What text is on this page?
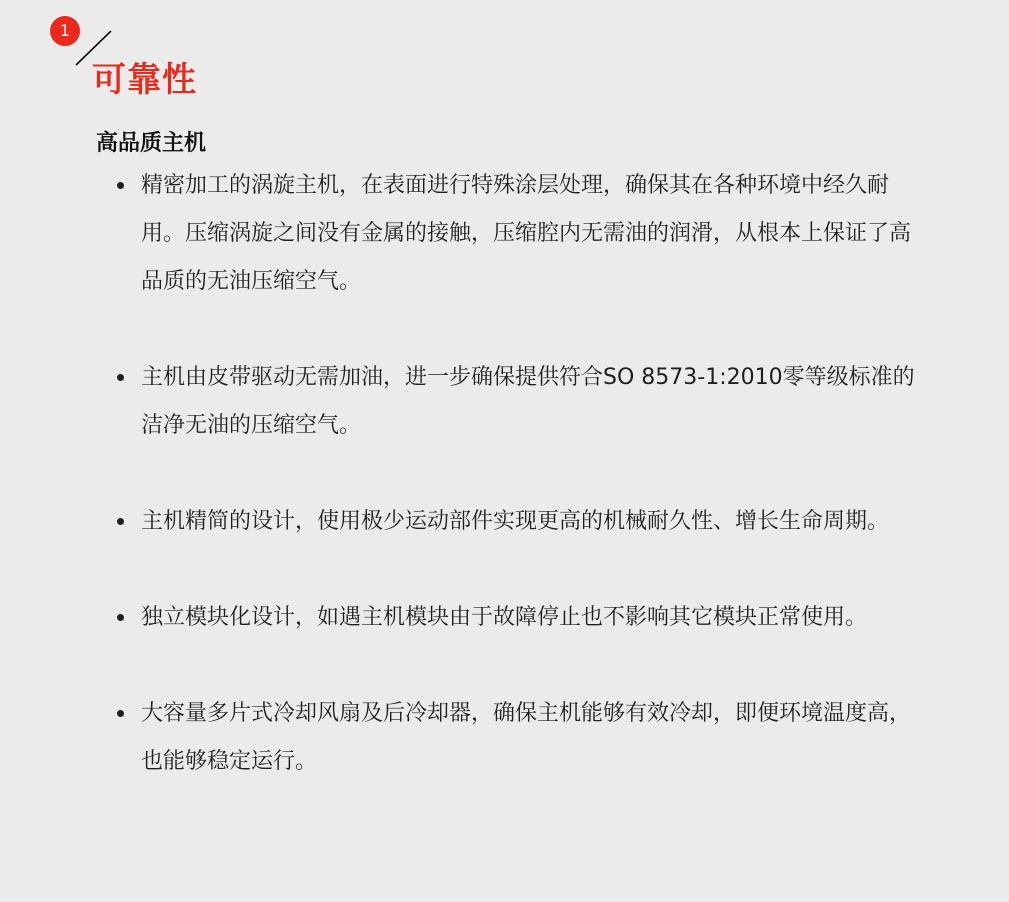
1
可靠性
高品质主机
精密加工的涡旋主机，在表面进行特殊涂层处理，确保其在各种环境中经久耐用。压缩涡旋之间没有金属的接触，压缩腔内无需油的润滑，从根本上保证了高品质的无油压缩空气。
主机由皮带驱动无需加油，进一步确保提供符合SO 8573-1:2010零等级标准的洁净无油的压缩空气。
主机精简的设计，使用极少运动部件实现更高的机械耐久性、增长生命周期。
独立模块化设计，如遇主机模块由于故障停止也不影响其它模块正常使用。
大容量多片式冷却风扇及后冷却器，确保主机能够有效冷却，即便环境温度高，也能够稳定运行。
